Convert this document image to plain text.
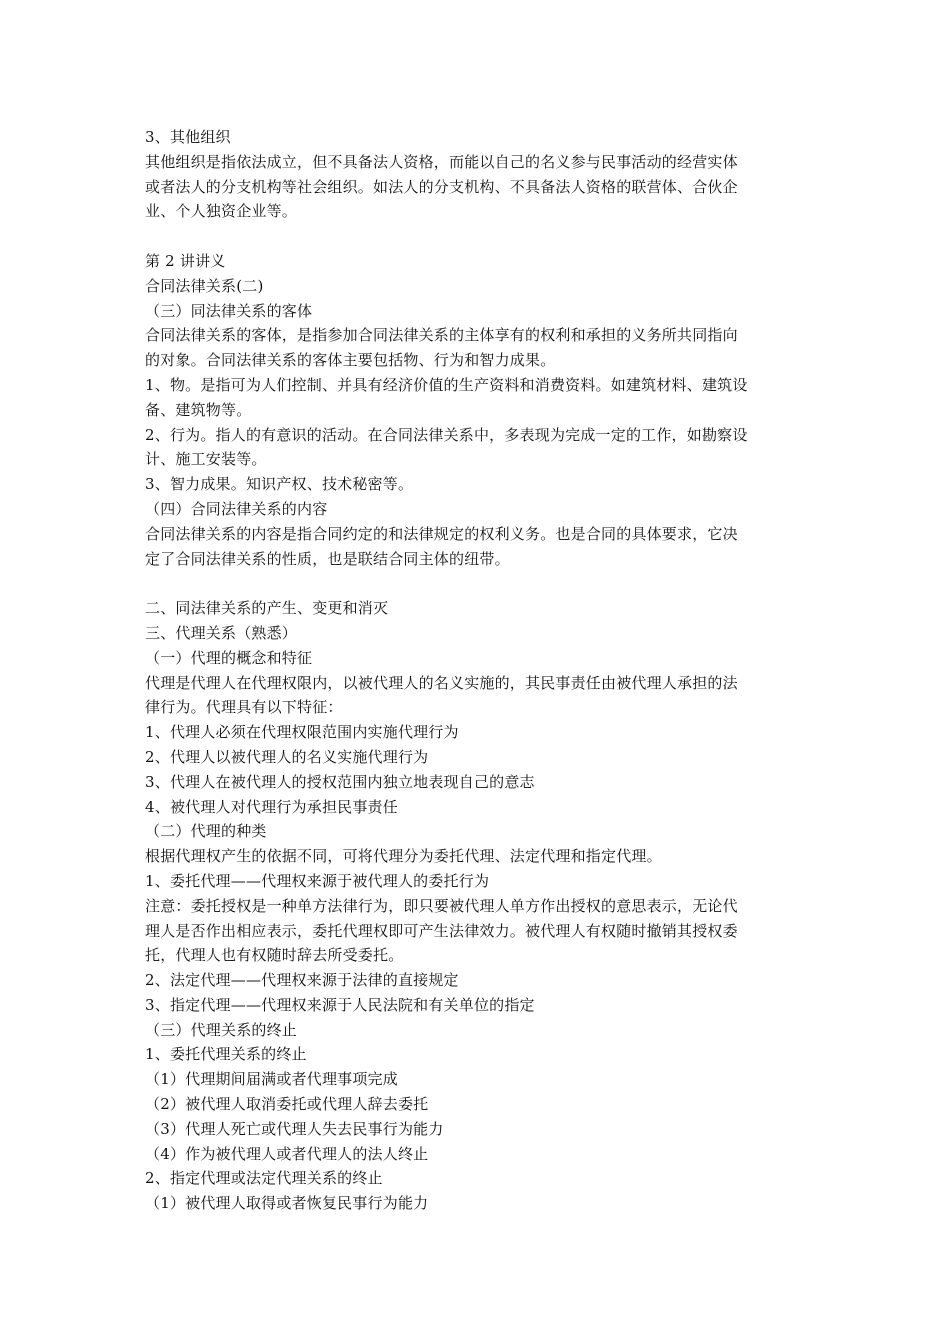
3、其他组织

其他组织是指依法成立，但不具备法人资格，而能以自己的名义参与民事活动的经营实体

或者法人的分支机构等社会组织。如法人的分支机构、不具备法人资格的联营体、合伙企

业、个人独资企业等。

第 2 讲讲义

合同法律关系(二)

（三）同法律关系的客体

合同法律关系的客体，是指参加合同法律关系的主体享有的权利和承担的义务所共同指向

的对象。合同法律关系的客体主要包括物、行为和智力成果。

1、物。是指可为人们控制、并具有经济价值的生产资料和消费资料。如建筑材料、建筑设

备、建筑物等。

2、行为。指人的有意识的活动。在合同法律关系中，多表现为完成一定的工作，如勘察设

计、施工安装等。

3、智力成果。知识产权、技术秘密等。

（四）合同法律关系的内容

合同法律关系的内容是指合同约定的和法律规定的权利义务。也是合同的具体要求，它决

定了合同法律关系的性质，也是联结合同主体的纽带。

二、同法律关系的产生、变更和消灭

三、代理关系（熟悉）

（一）代理的概念和特征

代理是代理人在代理权限内，以被代理人的名义实施的，其民事责任由被代理人承担的法

律行为。代理具有以下特征：

1、代理人必须在代理权限范围内实施代理行为

2、代理人以被代理人的名义实施代理行为

3、代理人在被代理人的授权范围内独立地表现自己的意志

4、被代理人对代理行为承担民事责任

（二）代理的种类

根据代理权产生的依据不同，可将代理分为委托代理、法定代理和指定代理。

1、委托代理——代理权来源于被代理人的委托行为

注意：委托授权是一种单方法律行为，即只要被代理人单方作出授权的意思表示，无论代

理人是否作出相应表示，委托代理权即可产生法律效力。被代理人有权随时撤销其授权委

托，代理人也有权随时辞去所受委托。

2、法定代理——代理权来源于法律的直接规定

3、指定代理——代理权来源于人民法院和有关单位的指定

（三）代理关系的终止

1、委托代理关系的终止

（1）代理期间届满或者代理事项完成

（2）被代理人取消委托或代理人辞去委托

（3）代理人死亡或代理人失去民事行为能力

（4）作为被代理人或者代理人的法人终止

2、指定代理或法定代理关系的终止

（1）被代理人取得或者恢复民事行为能力
